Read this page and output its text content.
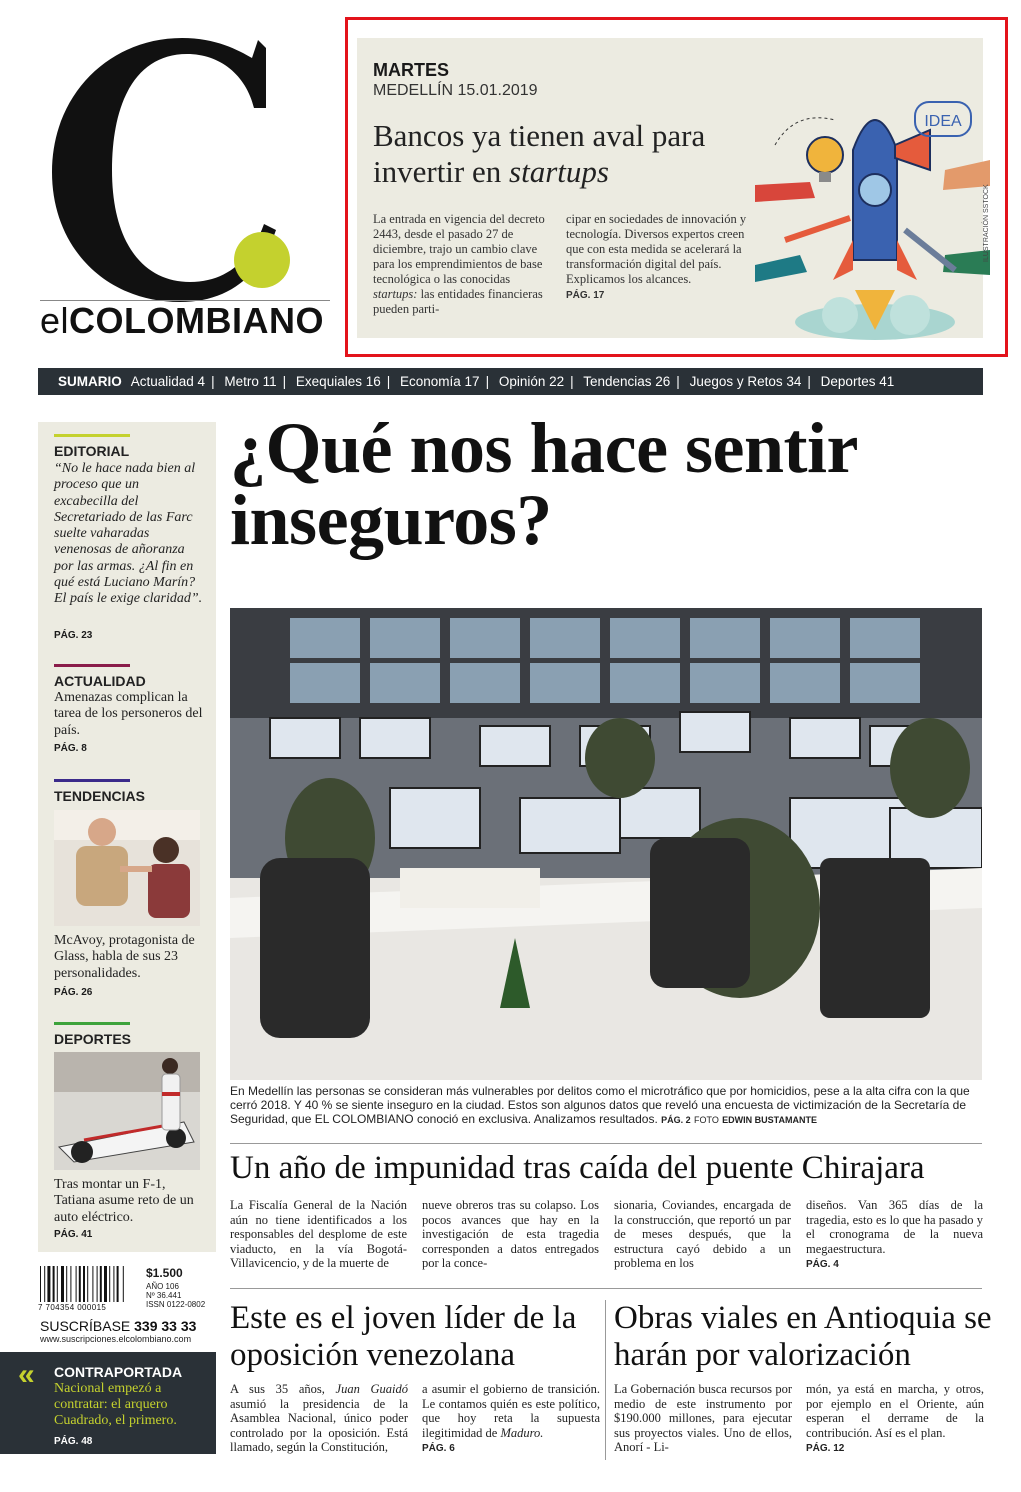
elCOLOMBIANO
MARTES
MEDELLÍN 15.01.2019
Bancos ya tienen aval para invertir en startups
La entrada en vigencia del decreto 2443, desde el pasado 27 de diciembre, trajo un cambio clave para los emprendimientos de base tecnológica o las conocidas startups: las entidades financieras pueden parti-
cipar en sociedades de innovación y tecnología. Diversos expertos creen que con esta medida se acelerará la transformación digital del país. Explicamos los alcances.
PÁG. 17
IDEA
ILUSTRACIÓN SSTOCK
SUMARIO Actualidad 4 | Metro 11 | Exequiales 16 | Economía 17 | Opinión 22 | Tendencias 26 | Juegos y Retos 34 | Deportes 41
EDITORIAL
“No le hace nada bien al proceso que un excabecilla del Secretariado de las Farc suelte vaharadas venenosas de añoranza por las armas. ¿Al fin en qué está Luciano Marín? El país le exige claridad”.
PÁG. 23
ACTUALIDAD
Amenazas complican la tarea de los personeros del país.
PÁG. 8
TENDENCIAS
McAvoy, protagonista de Glass, habla de sus 23 personalidades.
PÁG. 26
DEPORTES
Tras montar un F-1, Tatiana asume reto de un auto eléctrico.
PÁG. 41
7 704354 000015
$1.500
AÑO 106
Nº 36.441
ISSN 0122-0802
SUSCRÍBASE 339 33 33
www.suscripciones.elcolombiano.com
« CONTRAPORTADA
Nacional empezó a contratar: el arquero Cuadrado, el primero.
PÁG. 48
¿Qué nos hace sentir inseguros?
En Medellín las personas se consideran más vulnerables por delitos como el microtráfico que por homicidios, pese a la alta cifra con la que cerró 2018. Y 40 % se siente inseguro en la ciudad. Estos son algunos datos que reveló una encuesta de victimización de la Secretaría de Seguridad, que EL COLOMBIANO conoció en exclusiva. Analizamos resultados. PÁG. 2 FOTO EDWIN BUSTAMANTE
Un año de impunidad tras caída del puente Chirajara
La Fiscalía General de la Nación aún no tiene identificados a los responsables del desplome de este viaducto, en la vía Bogotá-Villavicencio, y de la muerte de
nueve obreros tras su colapso. Los pocos avances que hay en la investigación de esta tragedia corresponden a datos entregados por la conce-
sionaria, Coviandes, encargada de la construcción, que reportó un par de meses después, que la estructura cayó debido a un problema en los
diseños. Van 365 días de la tragedia, esto es lo que ha pasado y el cronograma de la nueva megaestructura.
PÁG. 4
Este es el joven líder de la oposición venezolana
A sus 35 años, Juan Guaidó asumió la presidencia de la Asamblea Nacional, único poder controlado por la oposición. Está llamado, según la Constitución,
a asumir el gobierno de transición. Le contamos quién es este político, que hoy reta la supuesta ilegitimidad de Maduro.
PÁG. 6
Obras viales en Antioquia se harán por valorización
La Gobernación busca recursos por medio de este instrumento por $190.000 millones, para ejecutar sus proyectos viales. Uno de ellos, Anorí - Li-
món, ya está en marcha, y otros, por ejemplo en el Oriente, aún esperan el derrame de la contribución. Así es el plan.
PÁG. 12
